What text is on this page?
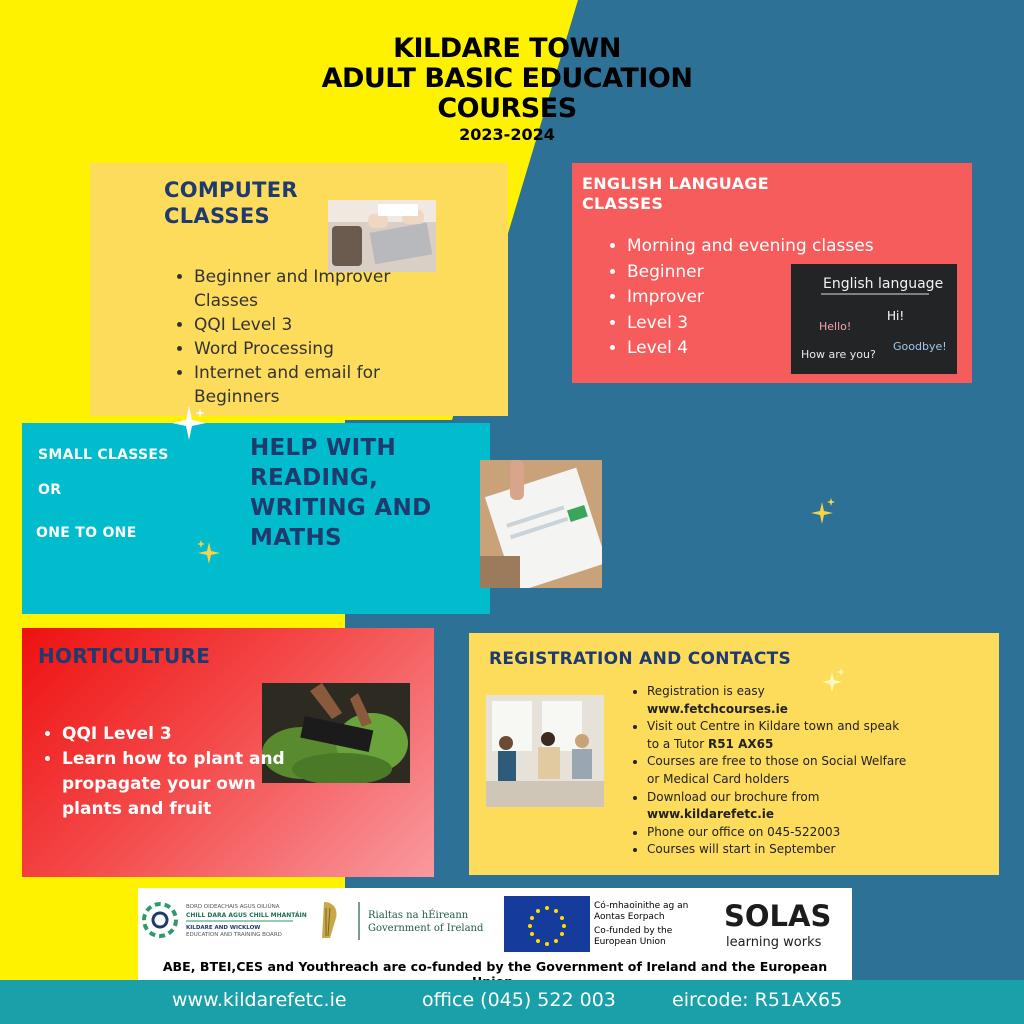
KILDARE TOWN
ADULT BASIC EDUCATION
COURSES
2023-2024
COMPUTER
CLASSES
• Beginner and Improver Classes
• QQI Level 3
• Word Processing
• Internet and email for Beginners
ENGLISH LANGUAGE
CLASSES
• Morning and evening classes
• Beginner
• Improver
• Level 3
• Level 4
English language
Hi!
Hello!
Goodbye!
How are you?
SMALL CLASSES
OR
ONE TO ONE
HELP WITH
READING,
WRITING AND
MATHS
HORTICULTURE
• QQI Level 3
• Learn how to plant and propagate your own plants and fruit
REGISTRATION AND CONTACTS
• Registration is easy
www.fetchcourses.ie
• Visit out Centre in Kildare town and speak to a Tutor R51 AX65
• Courses are free to those on Social Welfare or Medical Card holders
• Download our brochure from
www.kildarefetc.ie
• Phone our office on 045-522003
• Courses will start in September
BORD OIDEACHAIS AGUS OILIÚNA
CHILL DARA AGUS CHILL MHANTÁIN
KILDARE AND WICKLOW
EDUCATION AND TRAINING BOARD
Rialtas na hÉireann
Government of Ireland
Có-mhaoinithe ag an
Aontas Eorpach
Co-funded by the
European Union
SOLAS
learning works
ABE, BTEI,CES and Youthreach are co-funded by the Government of Ireland and the European
www.kildarefetc.ie	office (045) 522 003	eircode: R51AX65
